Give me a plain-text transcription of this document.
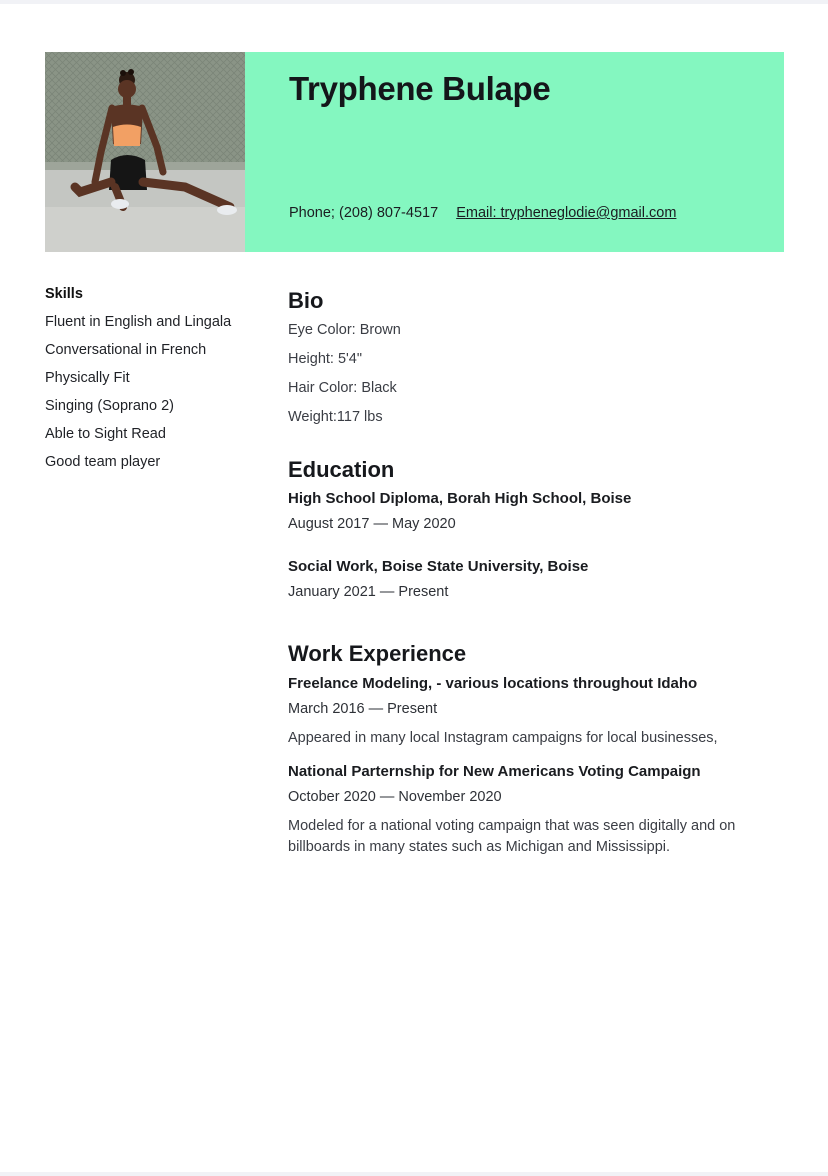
Tryphene Bulape
Phone; (208) 807-4517 Email: trypheneglodie@gmail.com
Skills
Fluent in English and Lingala
Conversational in French
Physically Fit
Singing (Soprano 2)
Able to Sight Read
Good team player
Bio
Eye Color: Brown
Height: 5'4"
Hair Color: Black
Weight:117 lbs
Education
High School Diploma, Borah High School, Boise
August 2017 — May 2020
Social Work, Boise State University, Boise
January 2021 — Present
Work Experience
Freelance Modeling, - various locations throughout Idaho
March 2016 — Present
Appeared in many local Instagram campaigns for local businesses,
National Parternship for New Americans Voting Campaign
October 2020 — November 2020
Modeled for a national voting campaign that was seen digitally and on billboards in many states such as Michigan and Mississippi.
